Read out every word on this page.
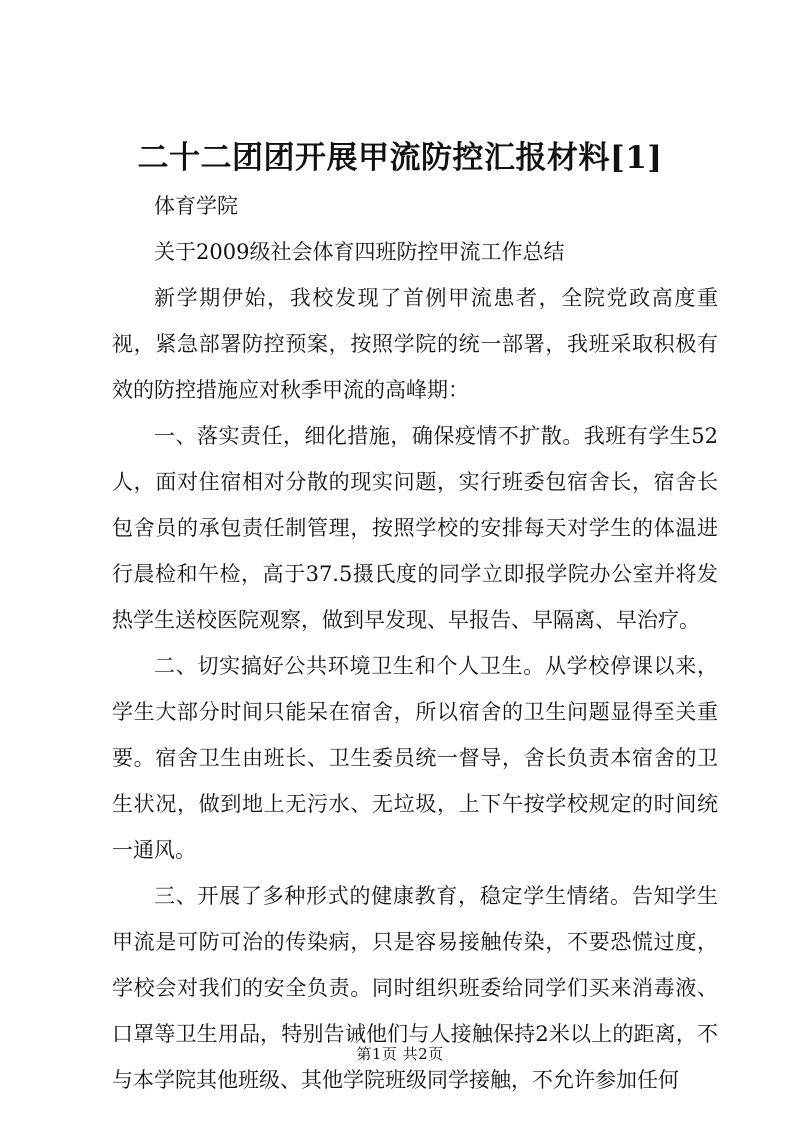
二十二团团开展甲流防控汇报材料[1]

体育学院

关于2009级社会体育四班防控甲流工作总结

新学期伊始，我校发现了首例甲流患者，全院党政高度重视，紧急部署防控预案，按照学院的统一部署，我班采取积极有效的防控措施应对秋季甲流的高峰期：

一、落实责任，细化措施，确保疫情不扩散。我班有学生52人，面对住宿相对分散的现实问题，实行班委包宿舍长，宿舍长包舍员的承包责任制管理，按照学校的安排每天对学生的体温进行晨检和午检，高于37.5摄氏度的同学立即报学院办公室并将发热学生送校医院观察，做到早发现、早报告、早隔离、早治疗。

二、切实搞好公共环境卫生和个人卫生。从学校停课以来，学生大部分时间只能呆在宿舍，所以宿舍的卫生问题显得至关重要。宿舍卫生由班长、卫生委员统一督导，舍长负责本宿舍的卫生状况，做到地上无污水、无垃圾，上下午按学校规定的时间统一通风。

三、开展了多种形式的健康教育，稳定学生情绪。告知学生甲流是可防可治的传染病，只是容易接触传染，不要恐慌过度，学校会对我们的安全负责。同时组织班委给同学们买来消毒液、口罩等卫生用品，特别告诫他们与人接触保持2米以上的距离，不与本学院其他班级、其他学院班级同学接触，不允许参加任何

第1页 共2页
